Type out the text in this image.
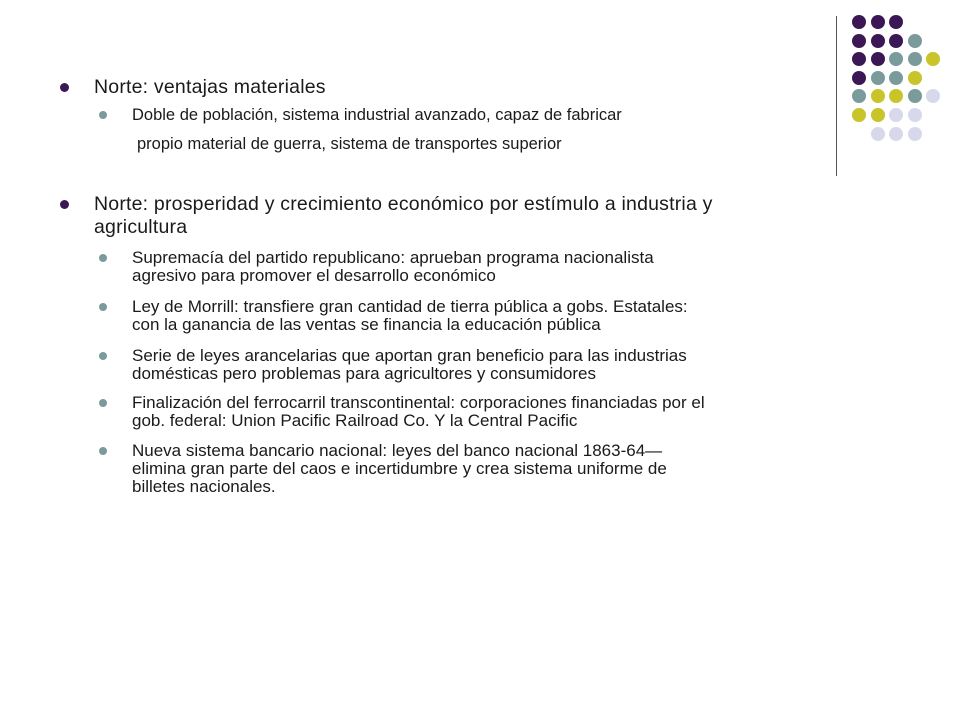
Norte: ventajas materiales
Doble de población, sistema industrial avanzado, capaz de fabricar
propio material de guerra, sistema de transportes superior
Norte: prosperidad y crecimiento económico por estímulo a industria y
agricultura
Supremacía del partido republicano: aprueban programa nacionalista
agresivo para promover el desarrollo económico
Ley de Morrill: transfiere gran cantidad de tierra pública a gobs. Estatales:
con la ganancia de las ventas se financia la educación pública
Serie de leyes arancelarias que aportan gran beneficio para las industrias
domésticas pero problemas para agricultores y consumidores
Finalización del ferrocarril transcontinental: corporaciones financiadas por el
gob. federal: Union Pacific Railroad Co. Y la Central Pacific
Nueva sistema bancario nacional: leyes del banco nacional 1863-64—
elimina gran parte del caos e incertidumbre y crea sistema uniforme de
billetes nacionales.
